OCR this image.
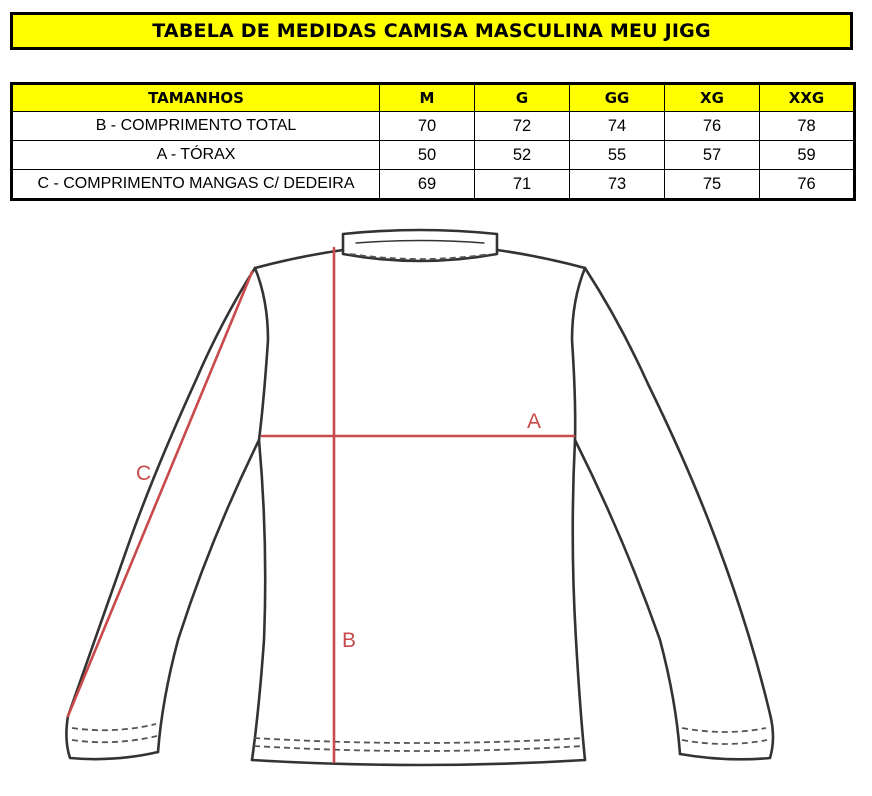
TABELA DE MEDIDAS CAMISA MASCULINA MEU JIGG
TAMANHOS	M	G	GG	XG	XXG
B - COMPRIMENTO TOTAL	70	72	74	76	78
A - TÓRAX	50	52	55	57	59
C - COMPRIMENTO MANGAS C/ DEDEIRA	69	71	73	75	76
A
B
C
